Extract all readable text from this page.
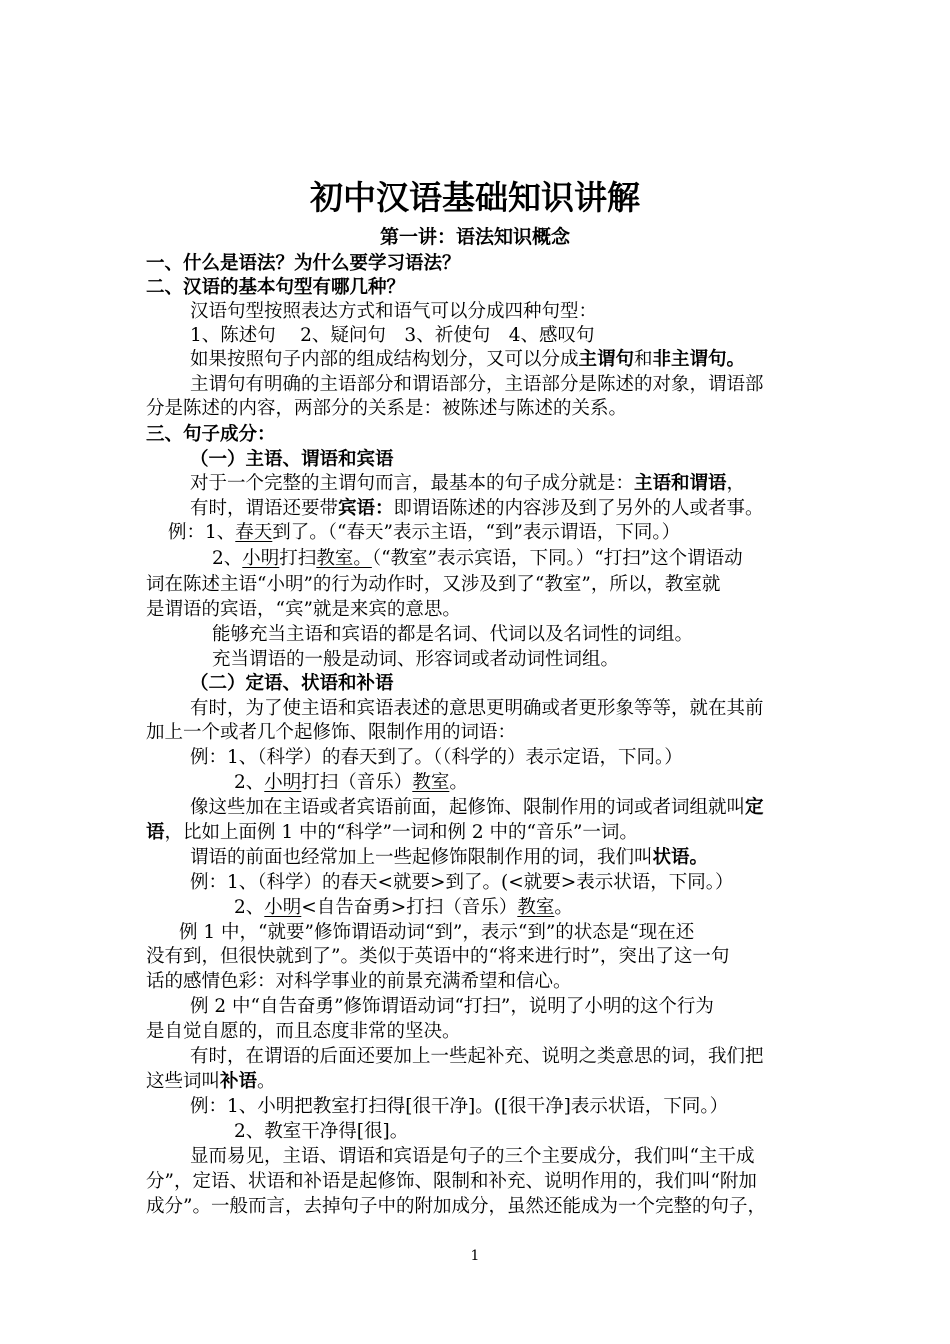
初中汉语基础知识讲解
第一讲：语法知识概念
一、什么是语法？为什么要学习语法？
二、汉语的基本句型有哪几种？
汉语句型按照表达方式和语气可以分成四种句型：
1、陈述句　 2、疑问句　3、祈使句　4、感叹句
如果按照句子内部的组成结构划分，又可以分成主谓句和非主谓句。
主谓句有明确的主语部分和谓语部分，主语部分是陈述的对象，谓语部
分是陈述的内容，两部分的关系是：被陈述与陈述的关系。
三、句子成分：
（一）主语、谓语和宾语
对于一个完整的主谓句而言，最基本的句子成分就是：主语和谓语，
有时，谓语还要带宾语：即谓语陈述的内容涉及到了另外的人或者事。
例：1、春天到了。（“春天”表示主语，“到”表示谓语，下同。）
2、小明打扫教室。（“教室”表示宾语，下同。）“打扫”这个谓语动
词在陈述主语“小明”的行为动作时，又涉及到了“教室”，所以，教室就
是谓语的宾语，“宾”就是来宾的意思。
能够充当主语和宾语的都是名词、代词以及名词性的词组。
充当谓语的一般是动词、形容词或者动词性词组。
（二）定语、状语和补语
有时，为了使主语和宾语表述的意思更明确或者更形象等等，就在其前
加上一个或者几个起修饰、限制作用的词语：
例：1、（科学）的春天到了。（（科学的）表示定语，下同。）
2、小明打扫（音乐）教室。
像这些加在主语或者宾语前面，起修饰、限制作用的词或者词组就叫定
语，比如上面例 1 中的“科学”一词和例 2 中的“音乐”一词。
谓语的前面也经常加上一些起修饰限制作用的词，我们叫状语。
例：1、（科学）的春天<就要>到了。(<就要>表示状语，下同。）
2、小明<自告奋勇>打扫（音乐）教室。
例 1 中，“就要”修饰谓语动词“到”，表示“到”的状态是“现在还
没有到，但很快就到了”。类似于英语中的“将来进行时”，突出了这一句
话的感情色彩：对科学事业的前景充满希望和信心。
例 2 中“自告奋勇”修饰谓语动词“打扫”，说明了小明的这个行为
是自觉自愿的，而且态度非常的坚决。
有时，在谓语的后面还要加上一些起补充、说明之类意思的词，我们把
这些词叫补语。
例：1、小明把教室打扫得[很干净]。([很干净]表示状语，下同。）
2、教室干净得[很]。
显而易见，主语、谓语和宾语是句子的三个主要成分，我们叫“主干成
分”，定语、状语和补语是起修饰、限制和补充、说明作用的，我们叫“附加
成分”。一般而言，去掉句子中的附加成分，虽然还能成为一个完整的句子，
1
